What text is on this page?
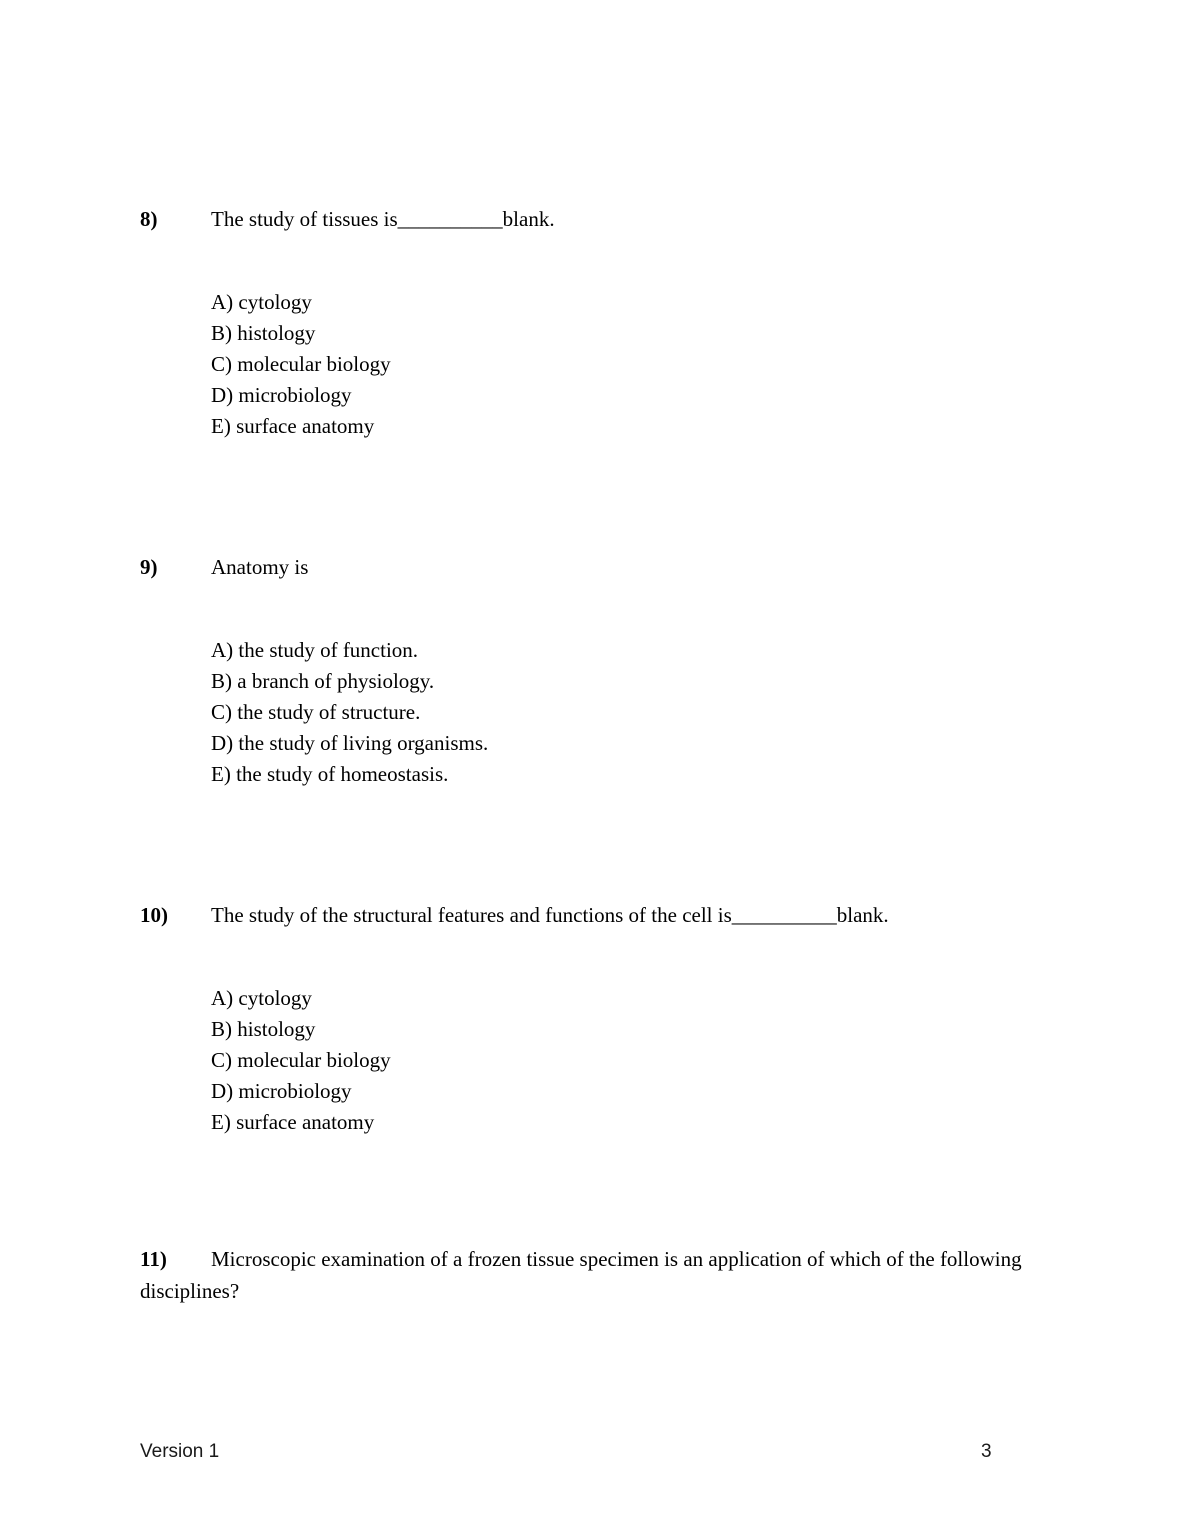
8)	The study of tissues is__________blank.
A) cytology
B) histology
C) molecular biology
D) microbiology
E) surface anatomy
9)	Anatomy is
A) the study of function.
B) a branch of physiology.
C) the study of structure.
D) the study of living organisms.
E) the study of homeostasis.
10) The study of the structural features and functions of the cell is__________blank.
A) cytology
B) histology
C) molecular biology
D) microbiology
E) surface anatomy
11) Microscopic examination of a frozen tissue specimen is an application of which of the following disciplines?
Version 1	3
